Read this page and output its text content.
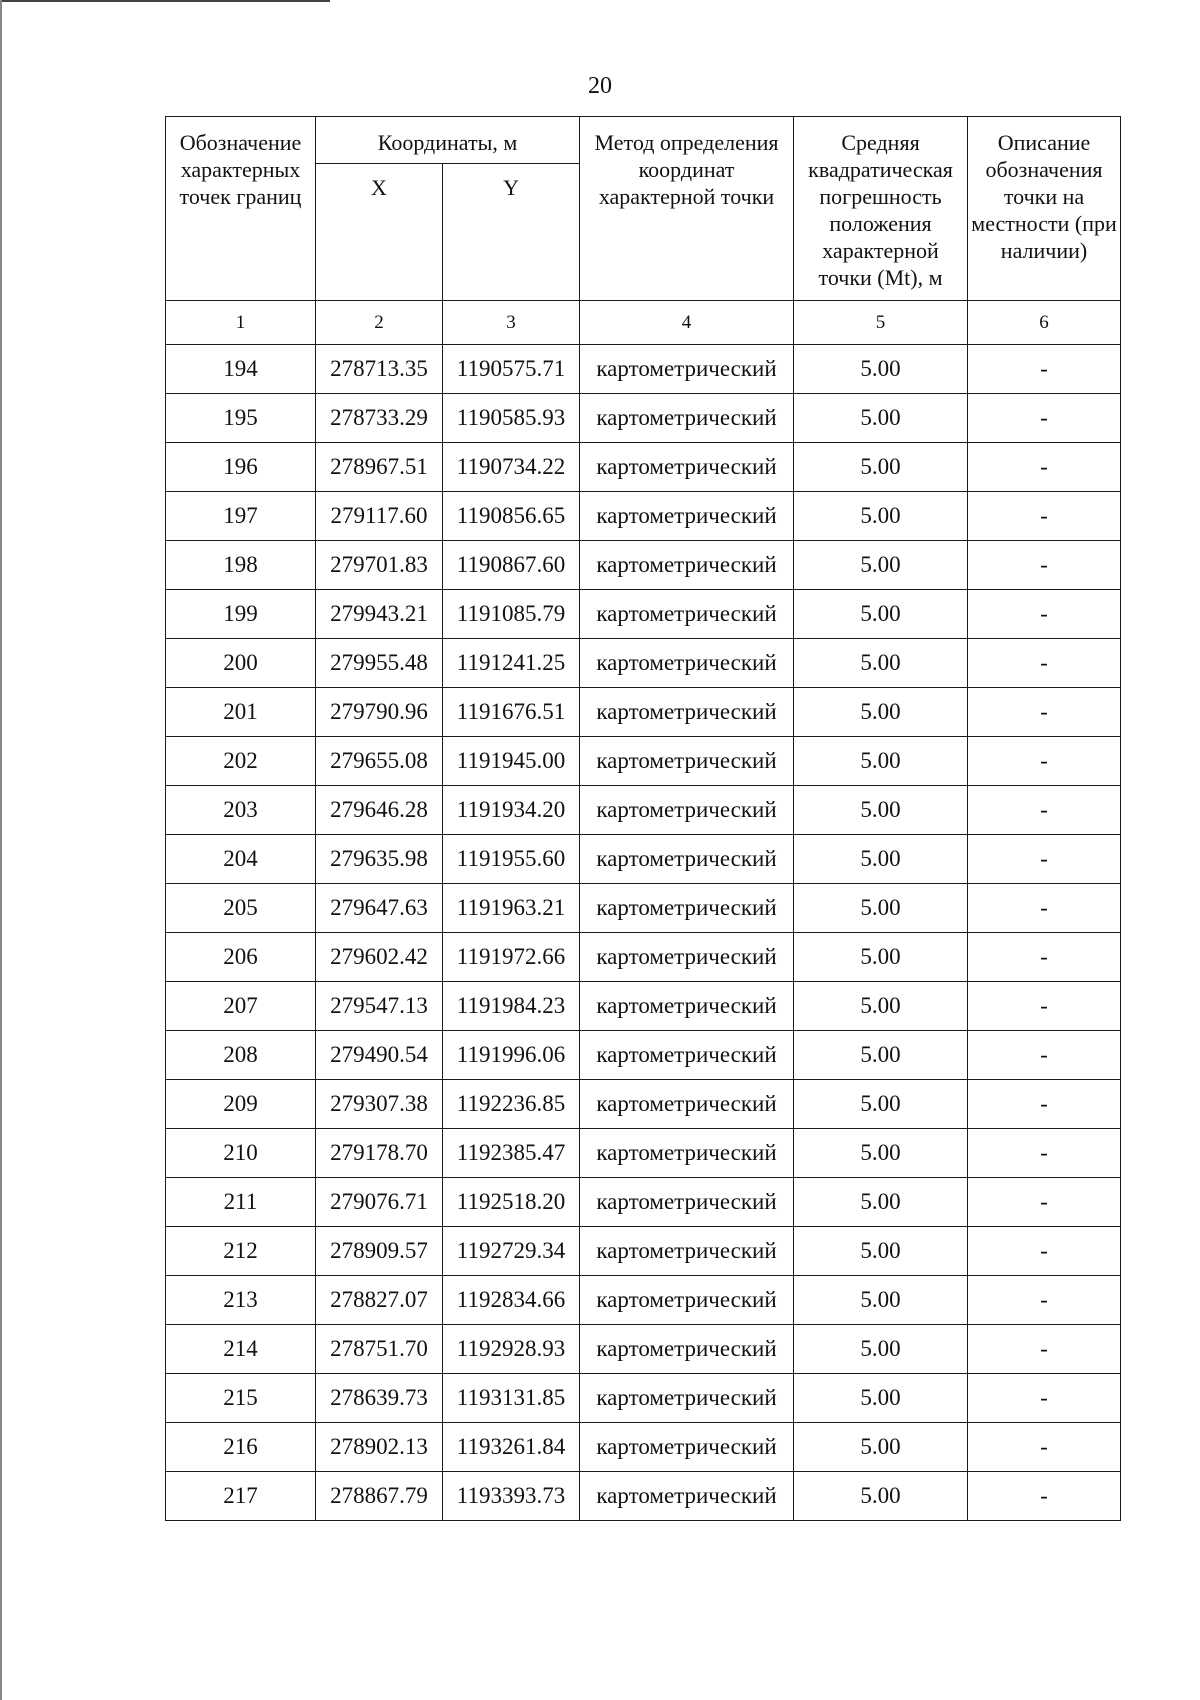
20
Обозначение характерных точек границ	Координаты, м		Метод определения координат характерной точки	Средняя квадратическая погрешность положения характерной точки (Mt), м	Описание обозначения точки на местности (при наличии)
	X	Y			
1	2	3	4	5	6
194	278713.35	1190575.71	картометрический	5.00	-
195	278733.29	1190585.93	картометрический	5.00	-
196	278967.51	1190734.22	картометрический	5.00	-
197	279117.60	1190856.65	картометрический	5.00	-
198	279701.83	1190867.60	картометрический	5.00	-
199	279943.21	1191085.79	картометрический	5.00	-
200	279955.48	1191241.25	картометрический	5.00	-
201	279790.96	1191676.51	картометрический	5.00	-
202	279655.08	1191945.00	картометрический	5.00	-
203	279646.28	1191934.20	картометрический	5.00	-
204	279635.98	1191955.60	картометрический	5.00	-
205	279647.63	1191963.21	картометрический	5.00	-
206	279602.42	1191972.66	картометрический	5.00	-
207	279547.13	1191984.23	картометрический	5.00	-
208	279490.54	1191996.06	картометрический	5.00	-
209	279307.38	1192236.85	картометрический	5.00	-
210	279178.70	1192385.47	картометрический	5.00	-
211	279076.71	1192518.20	картометрический	5.00	-
212	278909.57	1192729.34	картометрический	5.00	-
213	278827.07	1192834.66	картометрический	5.00	-
214	278751.70	1192928.93	картометрический	5.00	-
215	278639.73	1193131.85	картометрический	5.00	-
216	278902.13	1193261.84	картометрический	5.00	-
217	278867.79	1193393.73	картометрический	5.00	-
